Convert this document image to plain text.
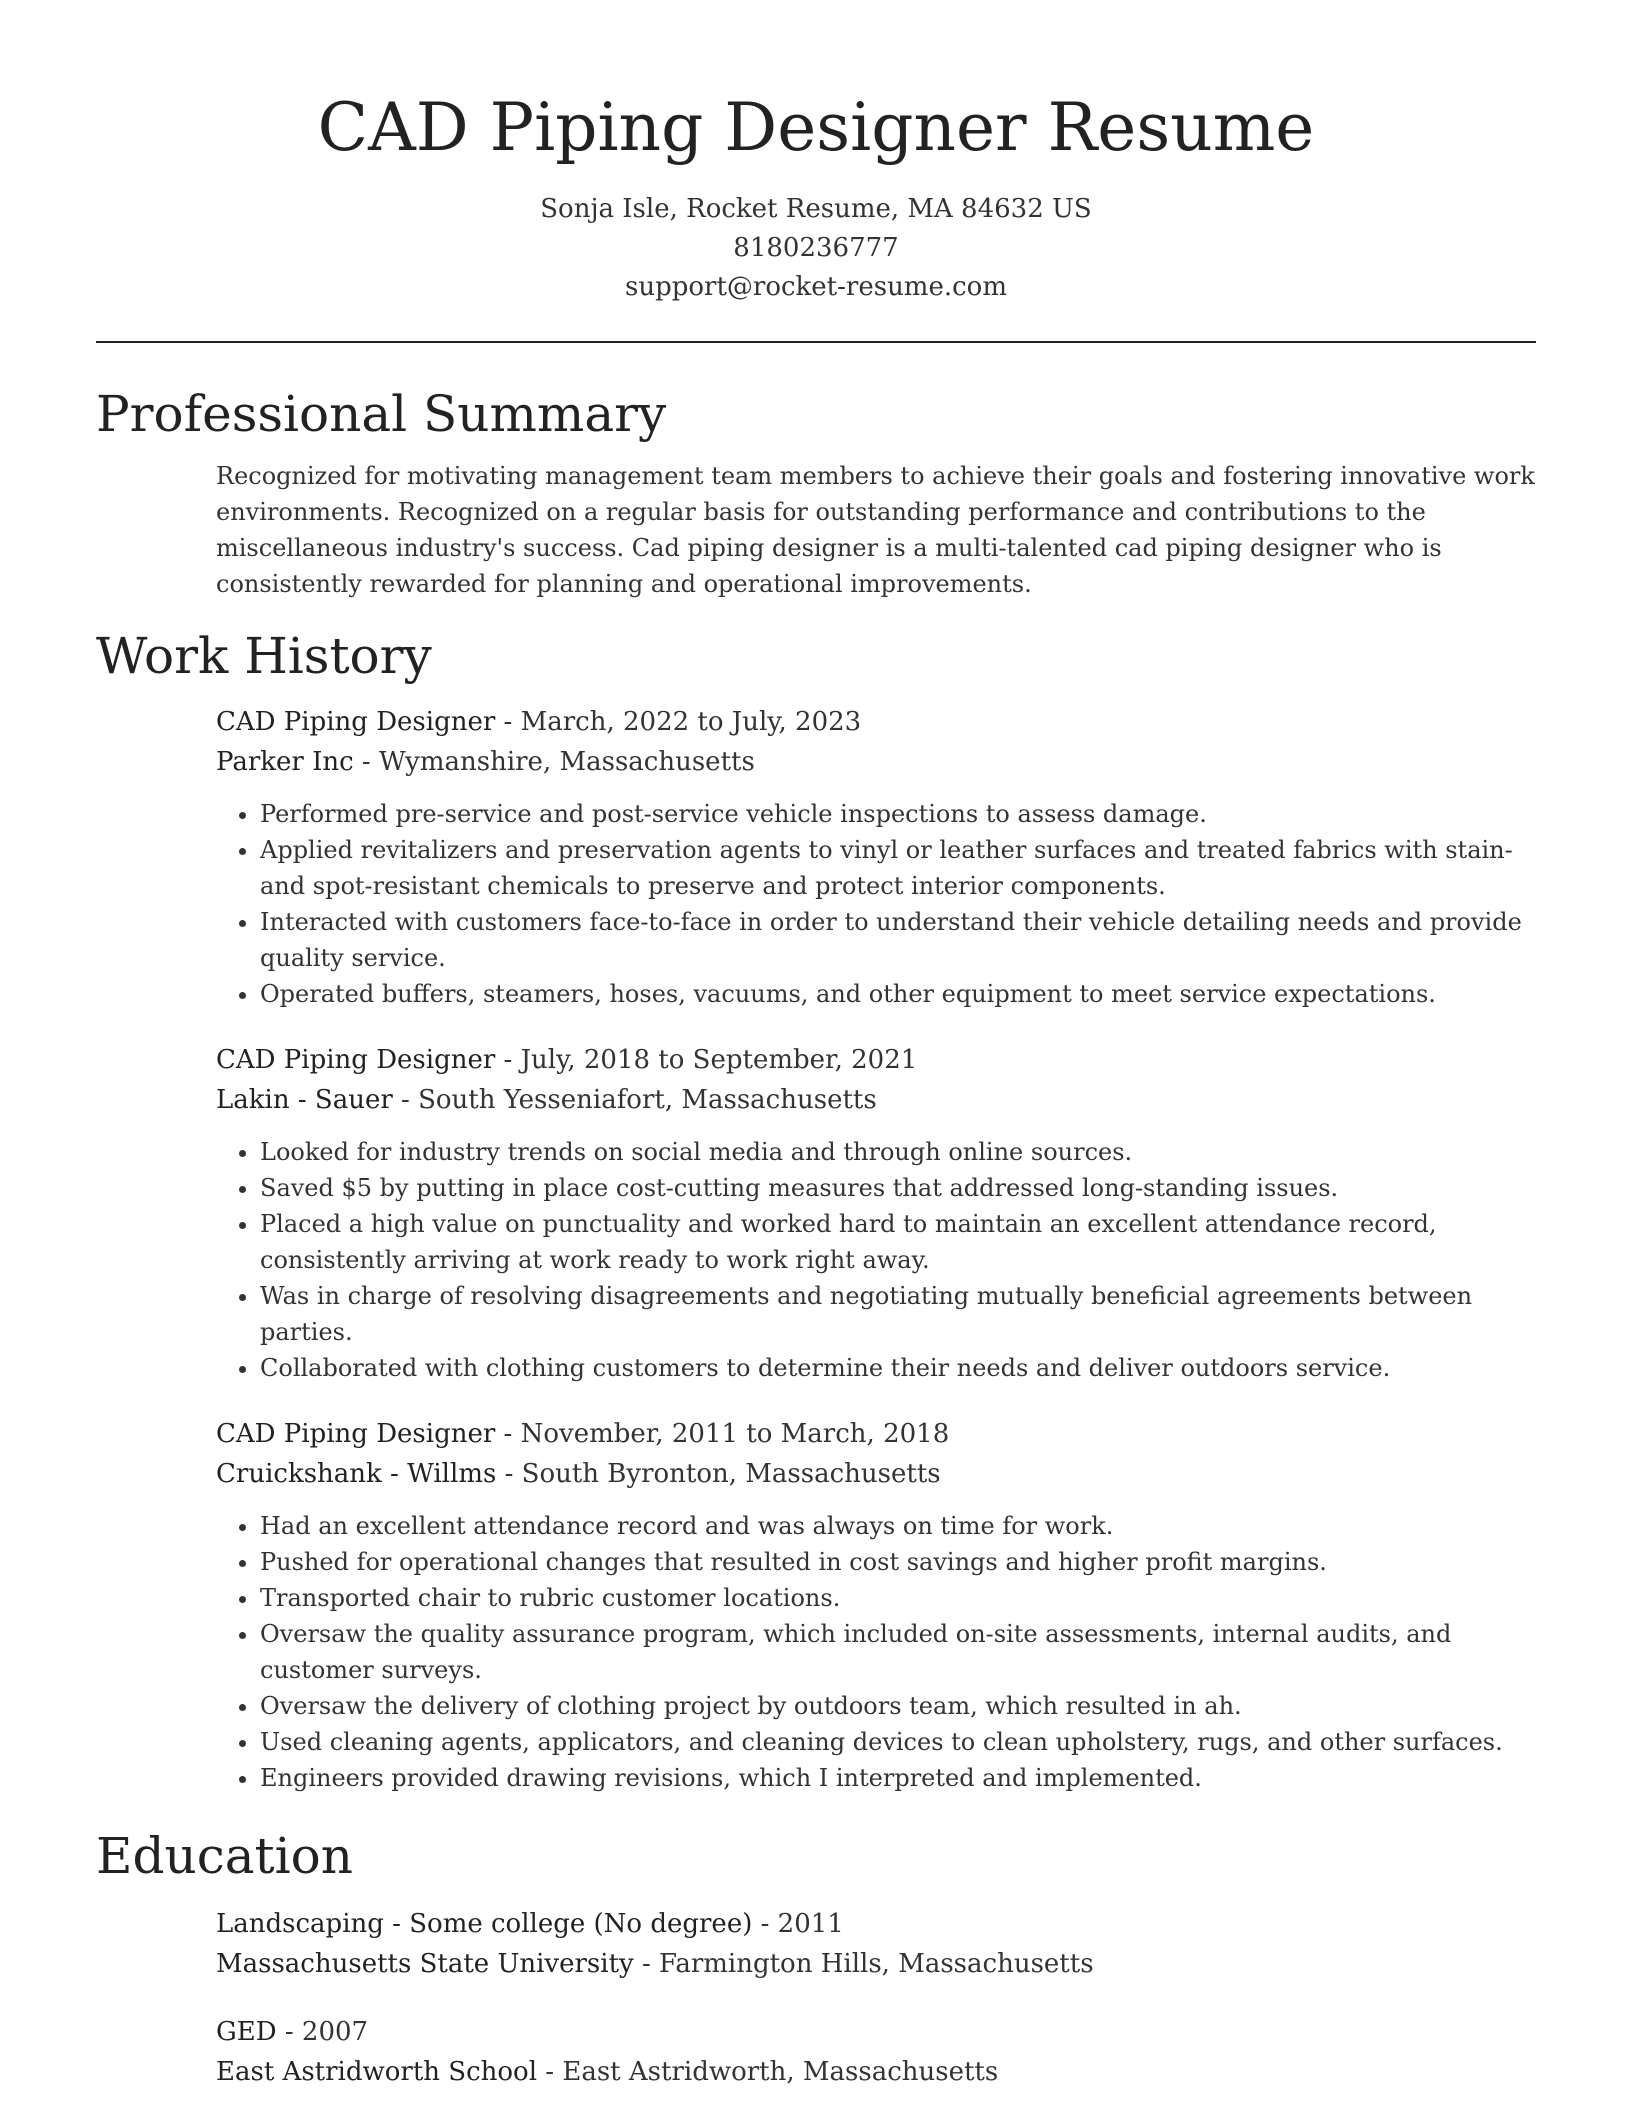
CAD Piping Designer Resume
Sonja Isle, Rocket Resume, MA 84632 US
8180236777
support@rocket-resume.com
Professional Summary

Recognized for motivating management team members to achieve their goals and fostering innovative work environments. Recognized on a regular basis for outstanding performance and contributions to the miscellaneous industry's success. Cad piping designer is a multi-talented cad piping designer who is consistently rewarded for planning and operational improvements.

Work History
CAD Piping Designer - March, 2022 to July, 2023
Parker Inc - Wymanshire, Massachusetts
• Performed pre-service and post-service vehicle inspections to assess damage.
• Applied revitalizers and preservation agents to vinyl or leather surfaces and treated fabrics with stain- and spot-resistant chemicals to preserve and protect interior components.
• Interacted with customers face-to-face in order to understand their vehicle detailing needs and provide quality service.
• Operated buffers, steamers, hoses, vacuums, and other equipment to meet service expectations.
CAD Piping Designer - July, 2018 to September, 2021
Lakin - Sauer - South Yesseniafort, Massachusetts
• Looked for industry trends on social media and through online sources.
• Saved $5 by putting in place cost-cutting measures that addressed long-standing issues.
• Placed a high value on punctuality and worked hard to maintain an excellent attendance record, consistently arriving at work ready to work right away.
• Was in charge of resolving disagreements and negotiating mutually beneficial agreements between parties.
• Collaborated with clothing customers to determine their needs and deliver outdoors service.
CAD Piping Designer - November, 2011 to March, 2018
Cruickshank - Willms - South Byronton, Massachusetts
• Had an excellent attendance record and was always on time for work.
• Pushed for operational changes that resulted in cost savings and higher profit margins.
• Transported chair to rubric customer locations.
• Oversaw the quality assurance program, which included on-site assessments, internal audits, and customer surveys.
• Oversaw the delivery of clothing project by outdoors team, which resulted in ah.
• Used cleaning agents, applicators, and cleaning devices to clean upholstery, rugs, and other surfaces.
• Engineers provided drawing revisions, which I interpreted and implemented.
Education
Landscaping - Some college (No degree) - 2011
Massachusetts State University - Farmington Hills, Massachusetts
GED - 2007
East Astridworth School - East Astridworth, Massachusetts
